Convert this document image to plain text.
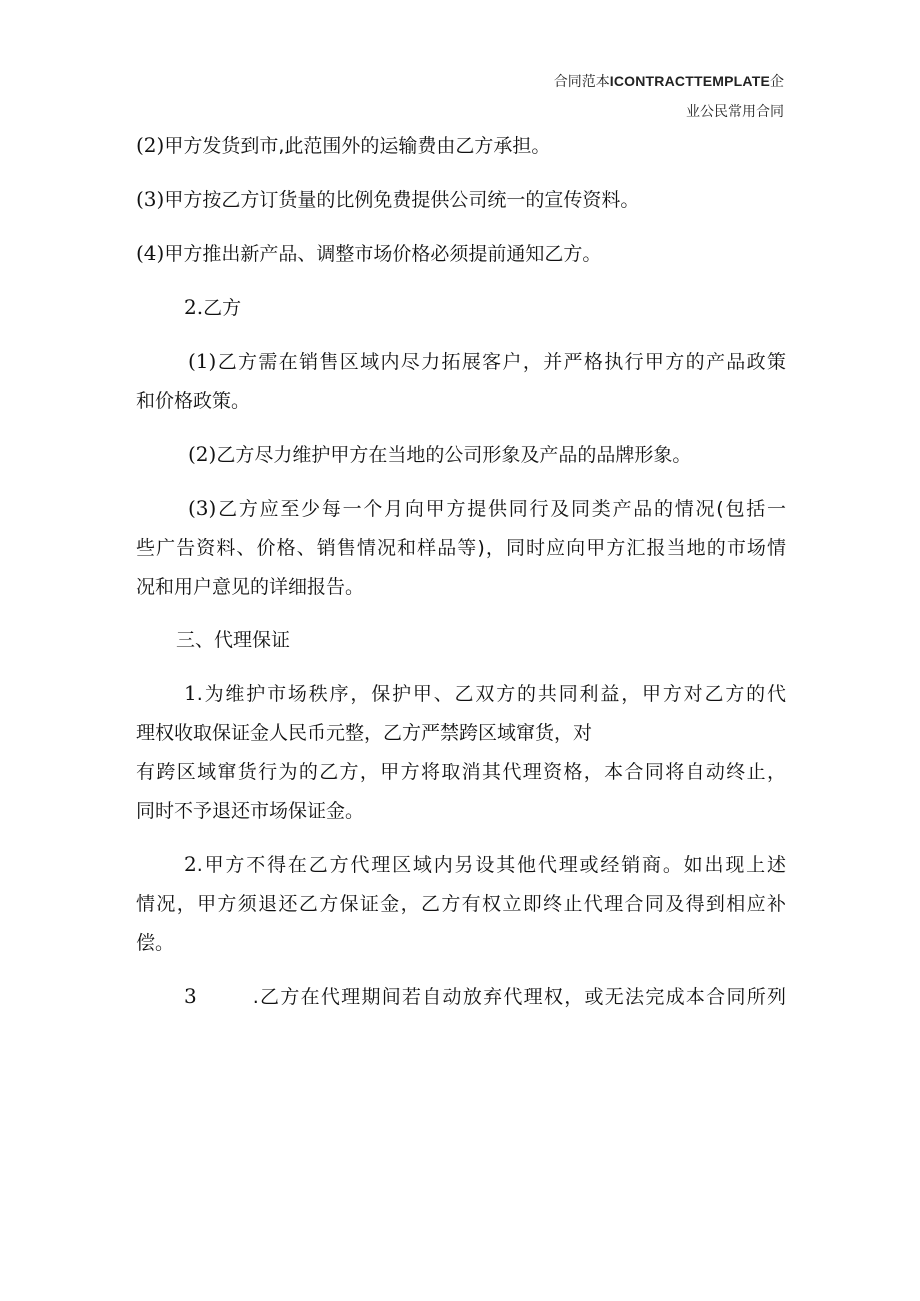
合同范本ICONTRACTTEMPLATE企
业公民常用合同
(2)甲方发货到市,此范围外的运输费由乙方承担。
(3)甲方按乙方订货量的比例免费提供公司统一的宣传资料。
(4)甲方推出新产品、调整市场价格必须提前通知乙方。
2.乙方
(1)乙方需在销售区域内尽力拓展客户，并严格执行甲方的产品政策
和价格政策。
(2)乙方尽力维护甲方在当地的公司形象及产品的品牌形象。
(3)乙方应至少每一个月向甲方提供同行及同类产品的情况(包括一
些广告资料、价格、销售情况和样品等)，同时应向甲方汇报当地的市场情
况和用户意见的详细报告。
三、代理保证
1.为维护市场秩序，保护甲、乙双方的共同利益，甲方对乙方的代
理权收取保证金人民币元整，乙方严禁跨区域窜货，对
有跨区域窜货行为的乙方，甲方将取消其代理资格，本合同将自动终止，
同时不予退还市场保证金。
2.甲方不得在乙方代理区域内另设其他代理或经销商。如出现上述
情况，甲方须退还乙方保证金，乙方有权立即终止代理合同及得到相应补
偿。
3	.乙方在代理期间若自动放弃代理权，或无法完成本合同所列
